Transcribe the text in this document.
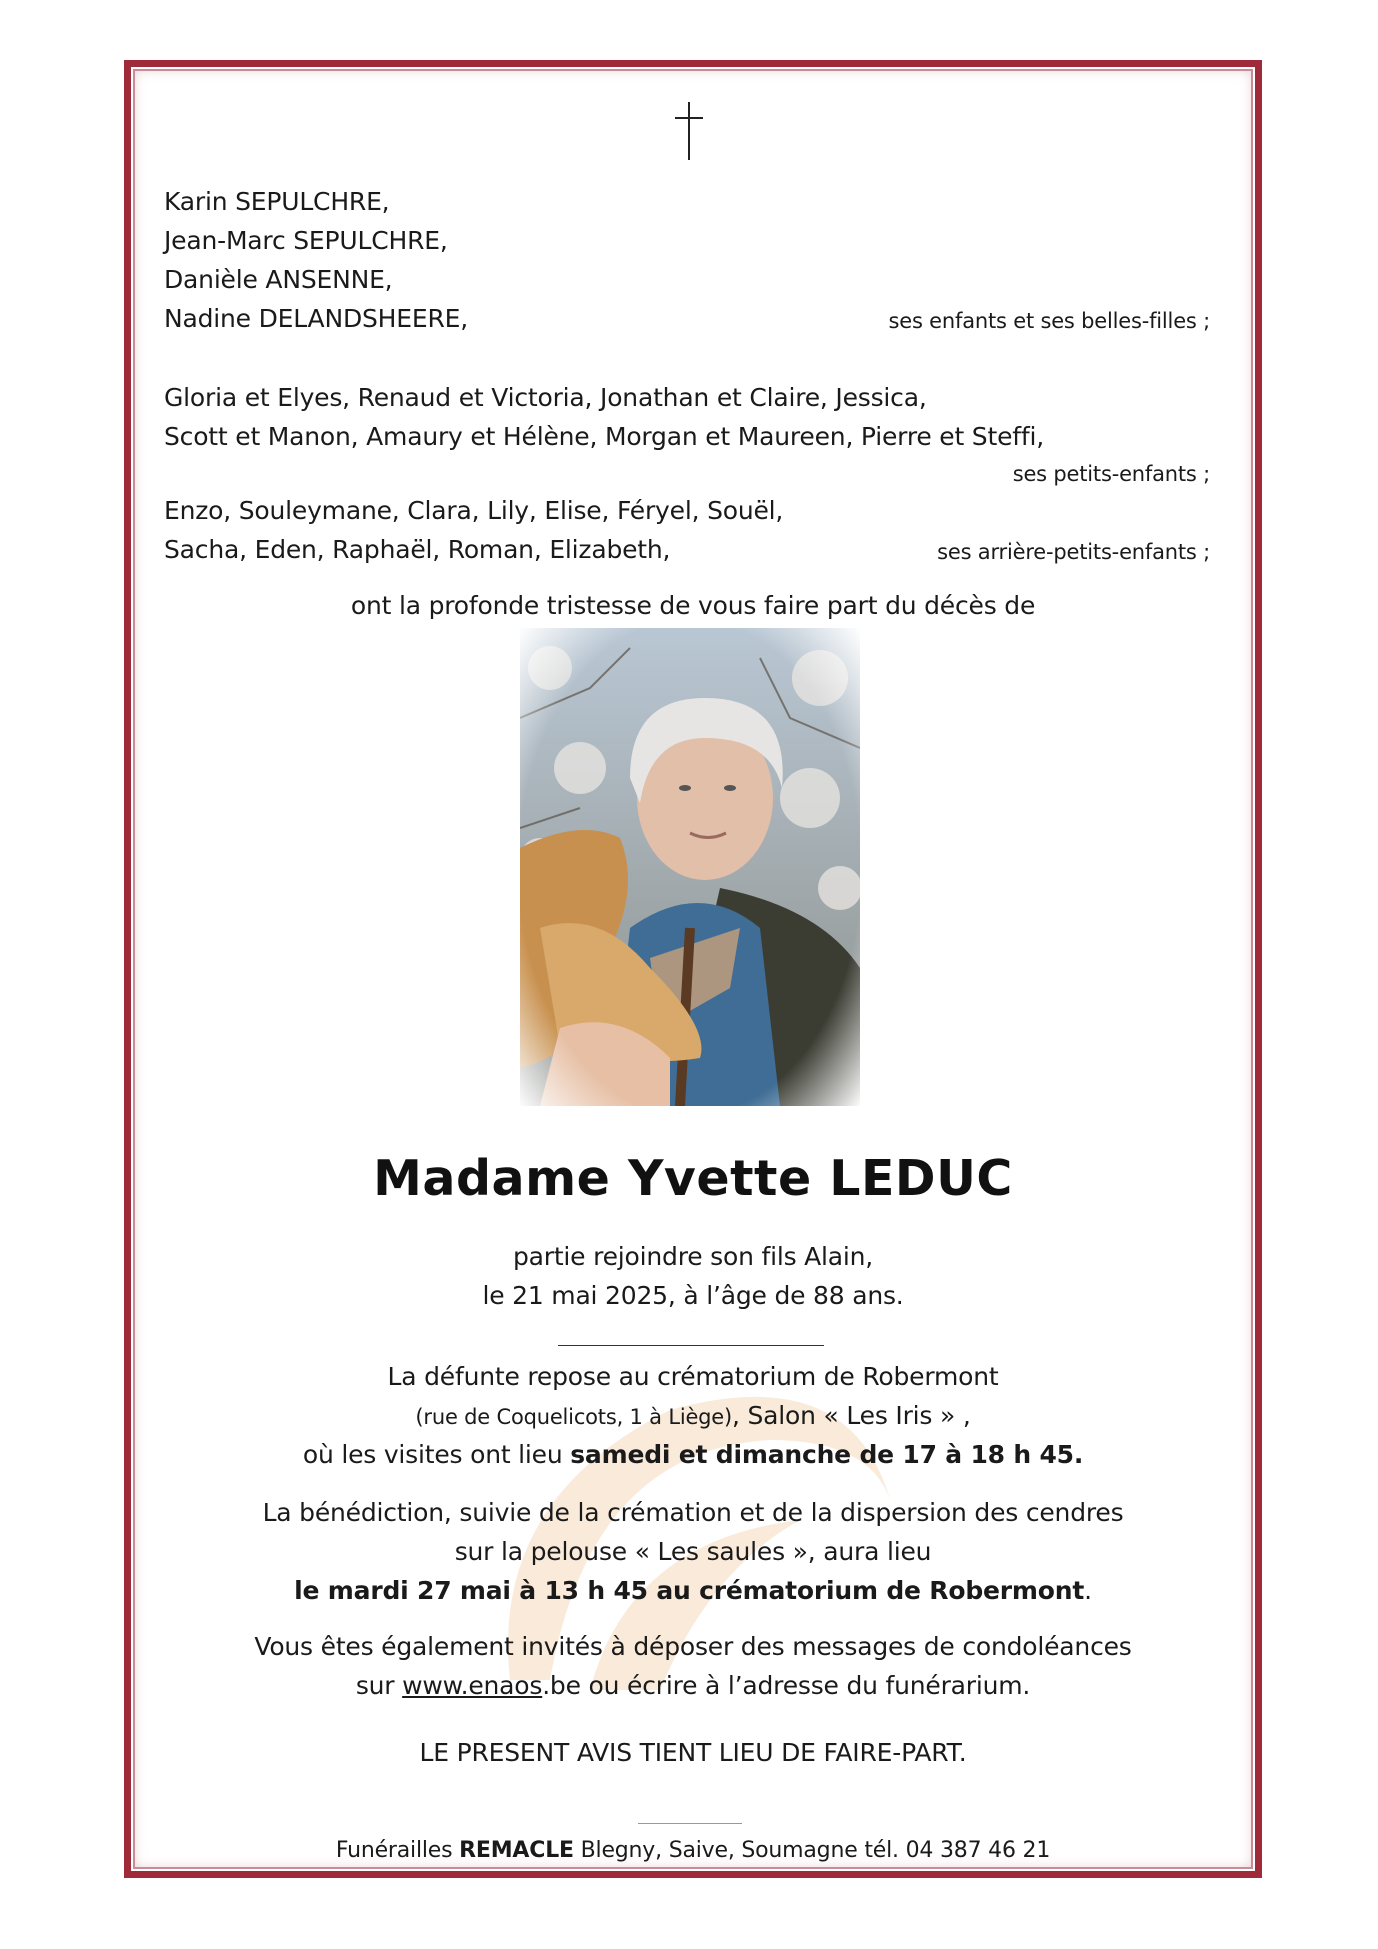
Karin SEPULCHRE,
Jean-Marc SEPULCHRE,
Danièle ANSENNE,
Nadine DELANDSHEERE,	ses enfants et ses belles-filles ;
Gloria et Elyes, Renaud et Victoria, Jonathan et Claire, Jessica,
Scott et Manon, Amaury et Hélène, Morgan et Maureen, Pierre et Steffi,
ses petits-enfants ;
Enzo, Souleymane, Clara, Lily, Elise, Féryel, Souël,
Sacha, Eden, Raphaël, Roman, Elizabeth,	ses arrière-petits-enfants ;
ont la profonde tristesse de vous faire part du décès de
Madame Yvette LEDUC
partie rejoindre son fils Alain,
le 21 mai 2025, à l’âge de 88 ans.
La défunte repose au crématorium de Robermont
(rue de Coquelicots, 1 à Liège), Salon « Les Iris » ,
où les visites ont lieu samedi et dimanche de 17 à 18 h 45.
La bénédiction, suivie de la crémation et de la dispersion des cendres
sur la pelouse « Les saules », aura lieu
le mardi 27 mai à 13 h 45 au crématorium de Robermont.
Vous êtes également invités à déposer des messages de condoléances
sur www.enaos.be ou écrire à l’adresse du funérarium.
LE PRESENT AVIS TIENT LIEU DE FAIRE-PART.
Funérailles REMACLE Blegny, Saive, Soumagne tél. 04 387 46 21
